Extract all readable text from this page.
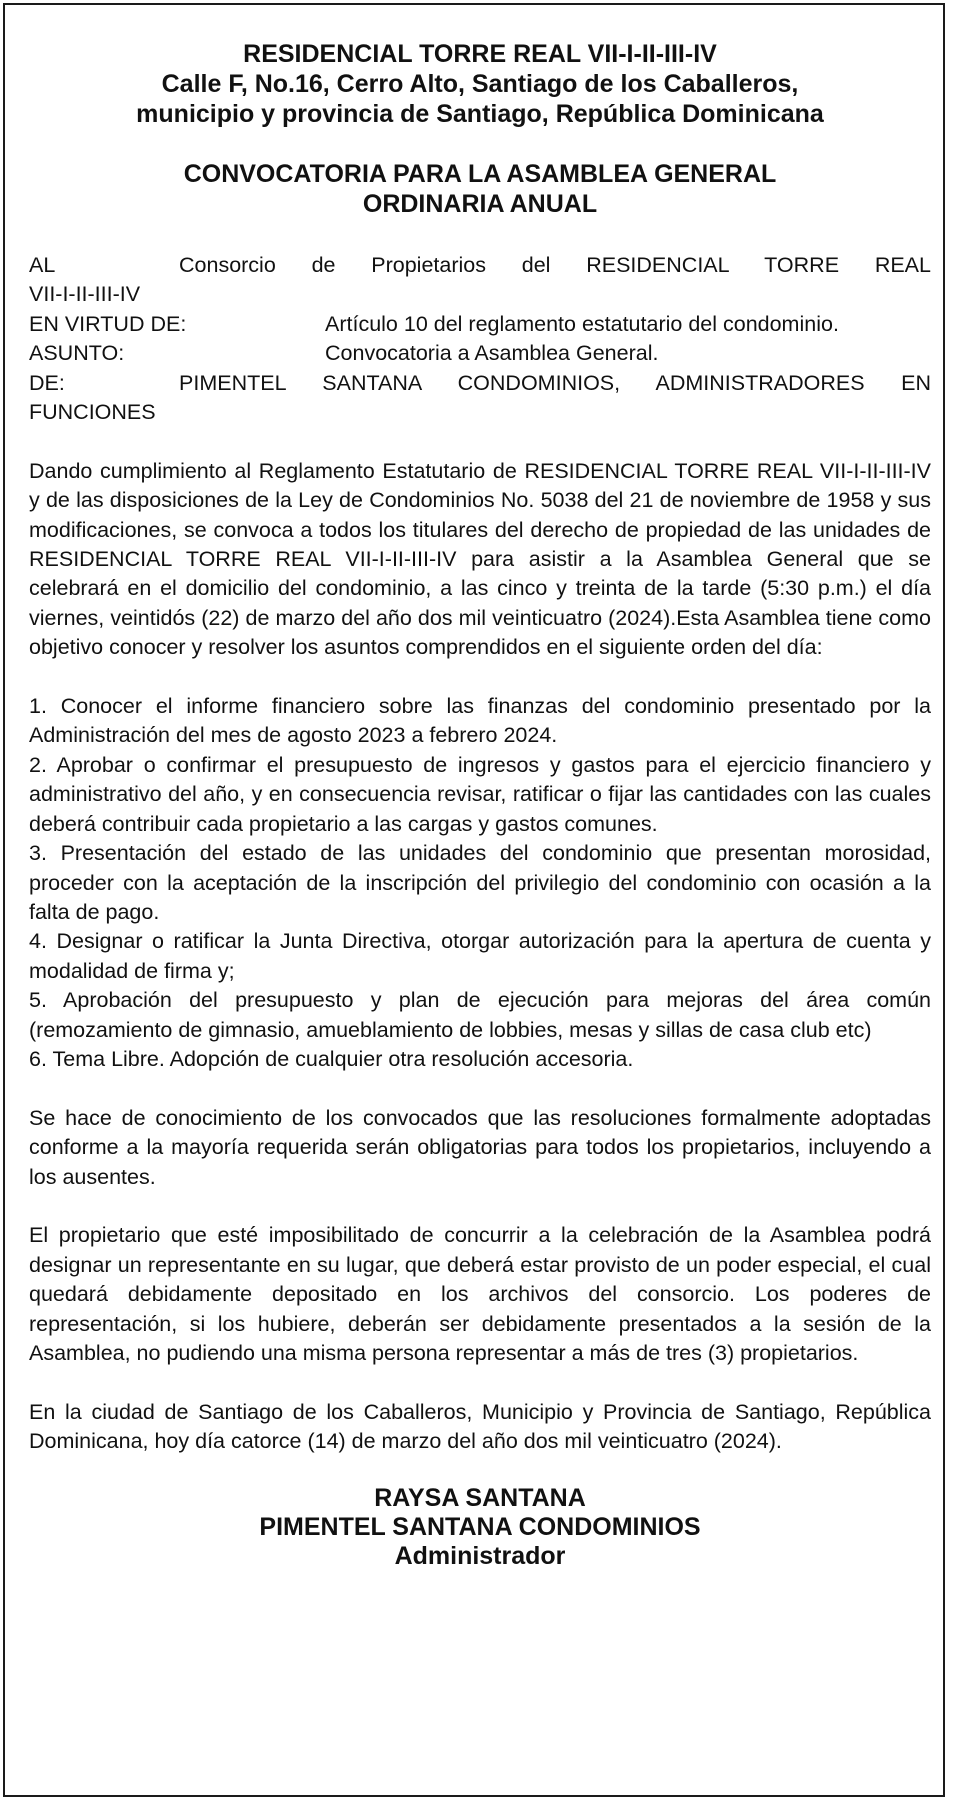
RESIDENCIAL TORRE REAL VII-I-II-III-IV

Calle F, No.16, Cerro Alto, Santiago de los Caballeros,

municipio y provincia de Santiago, República Dominicana

CONVOCATORIA PARA LA ASAMBLEA GENERAL

ORDINARIA ANUAL

AL	Consorcio de Propietarios del RESIDENCIAL TORRE REAL

VII-I-II-III-IV

EN VIRTUD DE:	Artículo 10 del reglamento estatutario del condominio.
ASUNTO:	Convocatoria a Asamblea General.
DE:	PIMENTEL SANTANA CONDOMINIOS, ADMINISTRADORES EN

FUNCIONES

Dando cumplimiento al Reglamento Estatutario de RESIDENCIAL TORRE REAL VII-I-II-III-IV y de las disposiciones de la Ley de Condominios No. 5038 del 21 de noviembre de 1958 y sus modificaciones, se convoca a todos los titulares del derecho de propiedad de las unidades de RESIDENCIAL TORRE REAL VII-I-II-III-IV para asistir a la Asamblea General que se celebrará en el domicilio del condominio, a las cinco y treinta de la tarde (5:30 p.m.) el día viernes, veintidós (22) de marzo del año dos mil veinticuatro (2024).Esta Asamblea tiene como objetivo conocer y resolver los asuntos comprendidos en el siguiente orden del día:

1. Conocer el informe financiero sobre las finanzas del condominio presentado por la Administración del mes de agosto 2023 a febrero 2024.

2. Aprobar o confirmar el presupuesto de ingresos y gastos para el ejercicio financiero y administrativo del año, y en consecuencia revisar, ratificar o fijar las cantidades con las cuales deberá contribuir cada propietario a las cargas y gastos comunes.

3. Presentación del estado de las unidades del condominio que presentan morosidad, proceder con la aceptación de la inscripción del privilegio del condominio con ocasión a la falta de pago.

4. Designar o ratificar la Junta Directiva, otorgar autorización para la apertura de cuenta y modalidad de firma y;

5. Aprobación del presupuesto y plan de ejecución para mejoras del área común (remozamiento de gimnasio, amueblamiento de lobbies, mesas y sillas de casa club etc)

6. Tema Libre. Adopción de cualquier otra resolución accesoria.

Se hace de conocimiento de los convocados que las resoluciones formalmente adoptadas conforme a la mayoría requerida serán obligatorias para todos los propietarios, incluyendo a los ausentes.

El propietario que esté imposibilitado de concurrir a la celebración de la Asamblea podrá designar un representante en su lugar, que deberá estar provisto de un poder especial, el cual quedará debidamente depositado en los archivos del consorcio. Los poderes de representación, si los hubiere, deberán ser debidamente presentados a la sesión de la Asamblea, no pudiendo una misma persona representar a más de tres (3) propietarios.

En la ciudad de Santiago de los Caballeros, Municipio y Provincia de Santiago, República Dominicana, hoy día catorce (14) de marzo del año dos mil veinticuatro (2024).

RAYSA SANTANA

PIMENTEL SANTANA CONDOMINIOS

Administrador
